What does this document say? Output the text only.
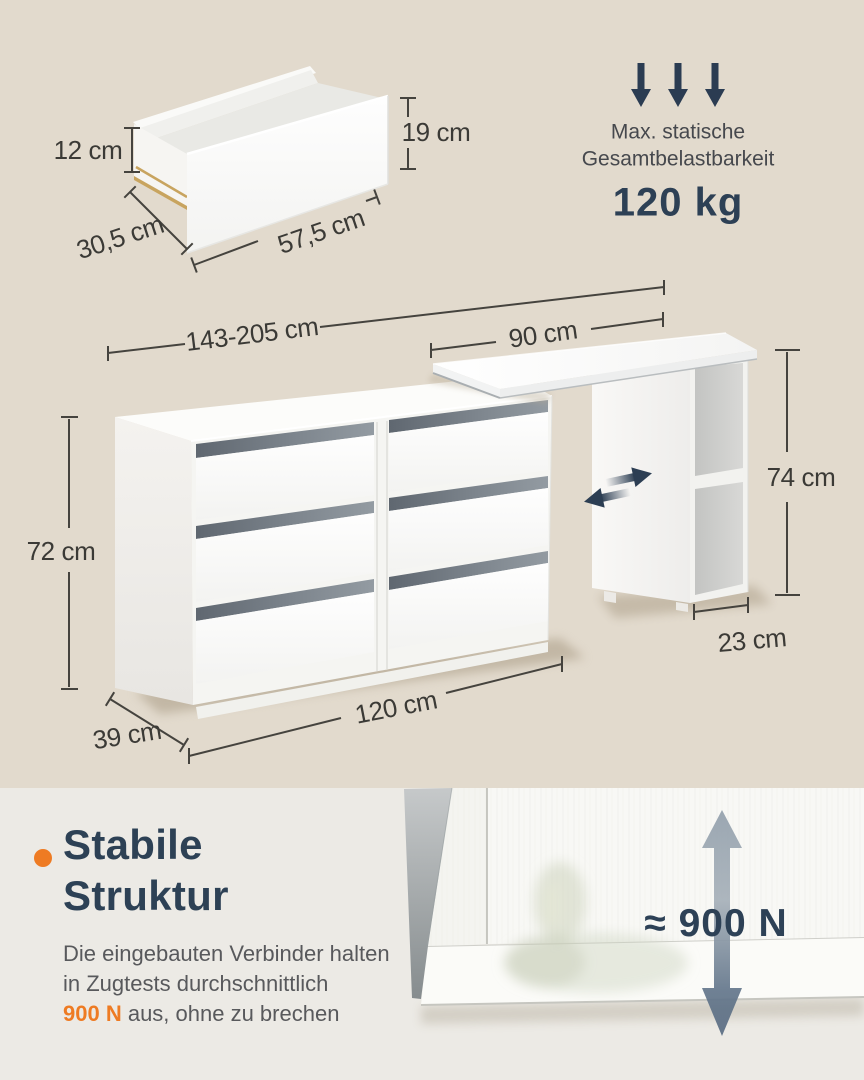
12 cm
19 cm
30,5 cm	57,5 cm
Max. statische
Gesamtbelastbarkeit
120 kg
143-205 cm	90 cm
72 cm
74 cm
23 cm
120 cm
39 cm
Stabile
Struktur
Die eingebauten Verbinder halten
in Zugtests durchschnittlich
900 N aus, ohne zu brechen
≈ 900 N
